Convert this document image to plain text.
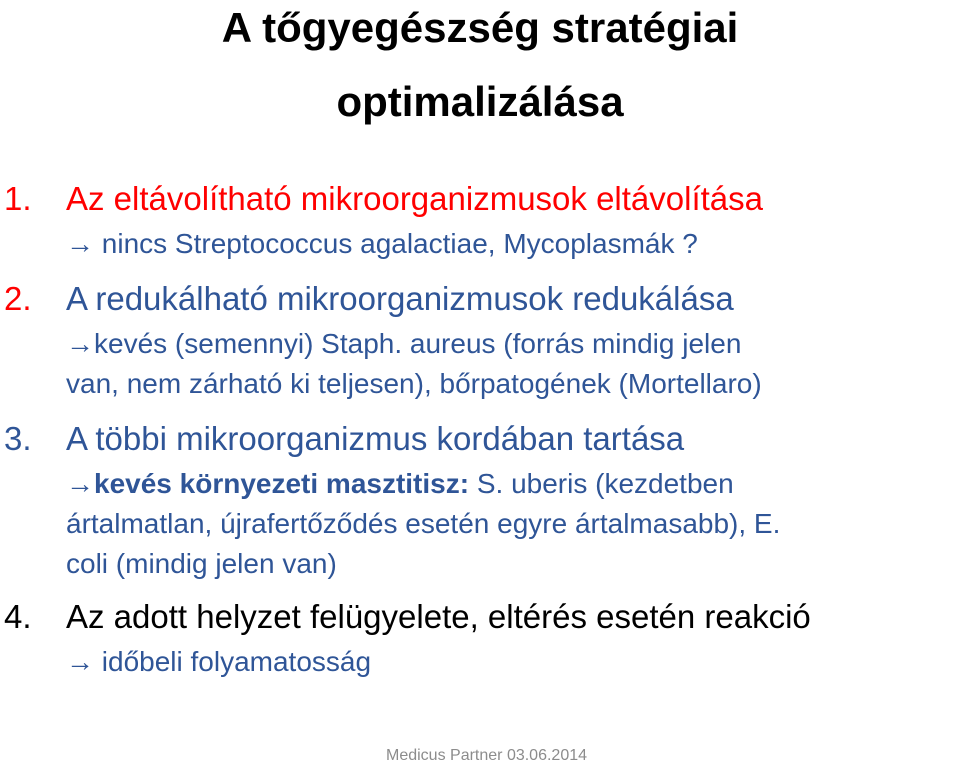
A tőgyegészség stratégiai
optimalizálása
1. Az eltávolítható mikroorganizmusok eltávolítása
→ nincs Streptococcus agalactiae, Mycoplasmák ?
2. A redukálható mikroorganizmusok redukálása
→kevés (semennyi) Staph. aureus (forrás mindig jelen
van, nem zárható ki teljesen), bőrpatogének (Mortellaro)
3. A többi mikroorganizmus kordában tartása
→kevés környezeti masztitisz: S. uberis (kezdetben
ártalmatlan, újrafertőződés esetén egyre ártalmasabb), E.
coli (mindig jelen van)
4. Az adott helyzet felügyelete, eltérés esetén reakció
→ időbeli folyamatosság
Medicus Partner 03.06.2014
